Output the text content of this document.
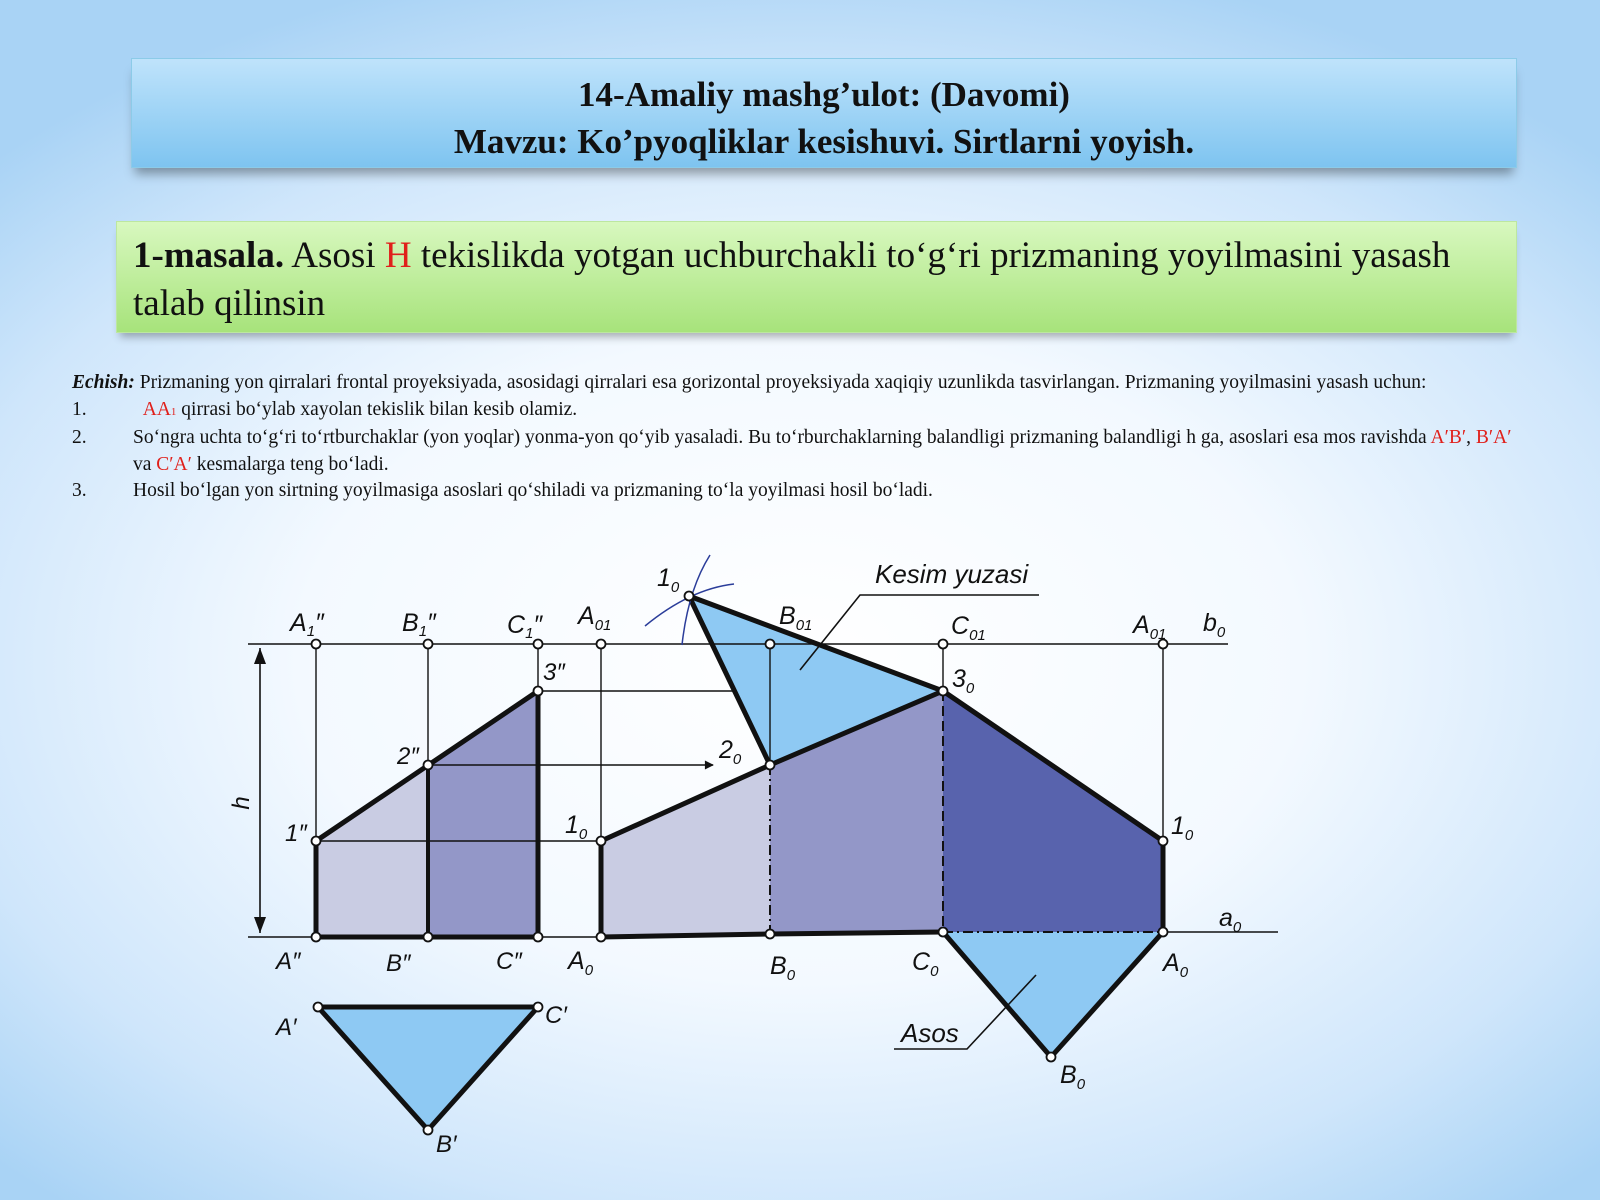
14-Amaliy mashg’ulot: (Davomi)
Mavzu: Ko’pyoqliklar kesishuvi. Sirtlarni yoyish.
1-masala. Asosi H tekislikda yotgan uchburchakli to‘g‘ri prizmaning yoyilmasini yasash talab qilinsin
Echish: Prizmaning yon qirralari frontal proyeksiyada, asosidagi qirralari esa gorizontal proyeksiyada xaqiqiy uzunlikda tasvirlangan. Prizmaning yoyilmasini yasash uchun:
1.	AA1 qirrasi bo‘ylab xayolan tekislik bilan kesib olamiz.
2.	So‘ngra uchta to‘g‘ri to‘rtburchaklar (yon yoqlar) yonma-yon qo‘yib yasaladi. Bu to‘rburchaklarning balandligi prizmaning balandligi h ga, asoslari esa mos ravishda A′B′, B′A′ va C′A′ kesmalarga teng bo‘ladi.
3.	Hosil bo‘lgan yon sirtning yoyilmasiga asoslari qo‘shiladi va prizmaning to‘la yoyilmasi hosil bo‘ladi.
h
$A_1''$	$B_1''$	$C_1''$
3″
2″
1″
A″	B″	C″
A′	C′
B′
Kesim yuzasi
Asos
$1_0$
$A_{01}$	$B_{01}$	$C_{01}$	$A_{01}$ $b_0$
$3_0$
$2_0$
$1_0$	$1_0$
$a_0$
$A_0$	$B_0$	$C_0$	$A_0$
$B_0$
